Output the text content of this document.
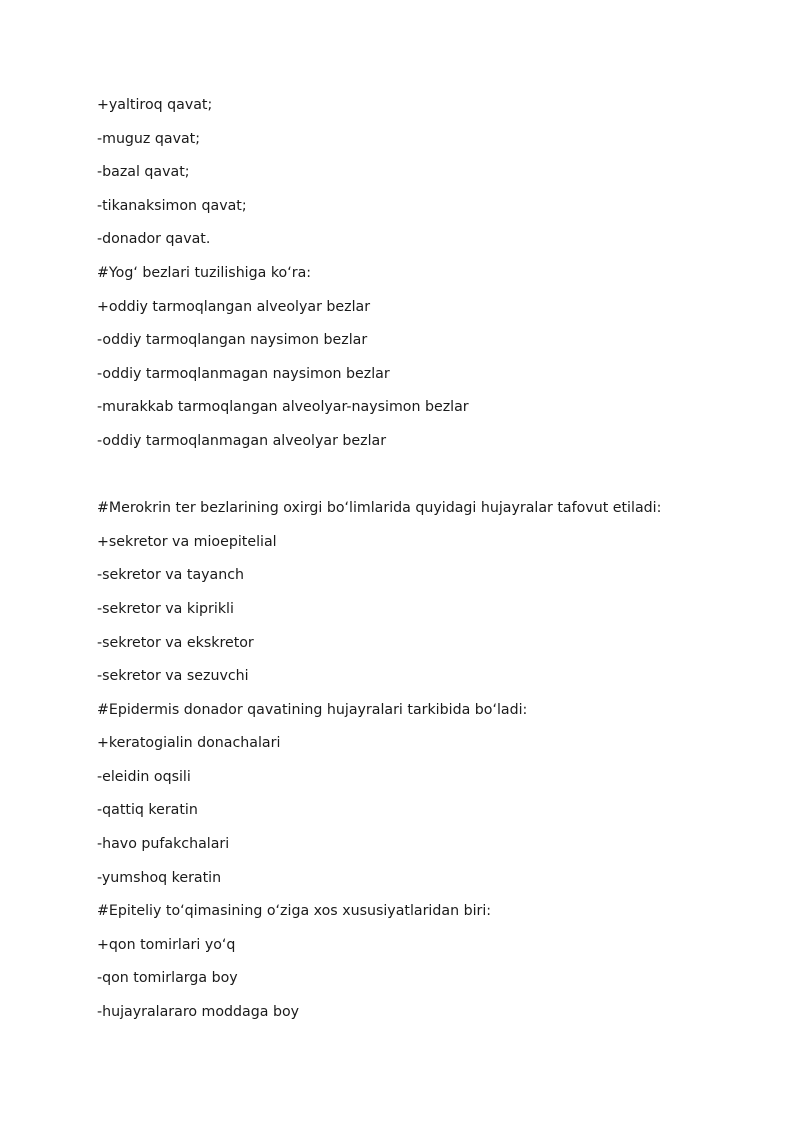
+yaltiroq qavat;
-muguz qavat;
-bazal qavat;
-tikanaksimon qavat;
-donador qavat.
#Yog‘ bezlari tuzilishiga ko‘ra:
+oddiy tarmoqlangan alveolyar bezlar
-oddiy tarmoqlangan naysimon bezlar
-oddiy tarmoqlanmagan naysimon bezlar
-murakkab tarmoqlangan alveolyar-naysimon bezlar
-oddiy tarmoqlanmagan alveolyar bezlar
#Merokrin ter bezlarining oxirgi bo‘limlarida quyidagi hujayralar tafovut etiladi:
+sekretor va mioepitelial
-sekretor va tayanch
-sekretor va kiprikli
-sekretor va ekskretor
-sekretor va sezuvchi
#Epidermis donador qavatining hujayralari tarkibida bo‘ladi:
+keratogialin donachalari
-eleidin oqsili
-qattiq keratin
-havo pufakchalari
-yumshoq keratin
#Epiteliy to‘qimasining o‘ziga xos xususiyatlaridan biri:
+qon tomirlari yo‘q
-qon tomirlarga boy
-hujayralararo moddaga boy
